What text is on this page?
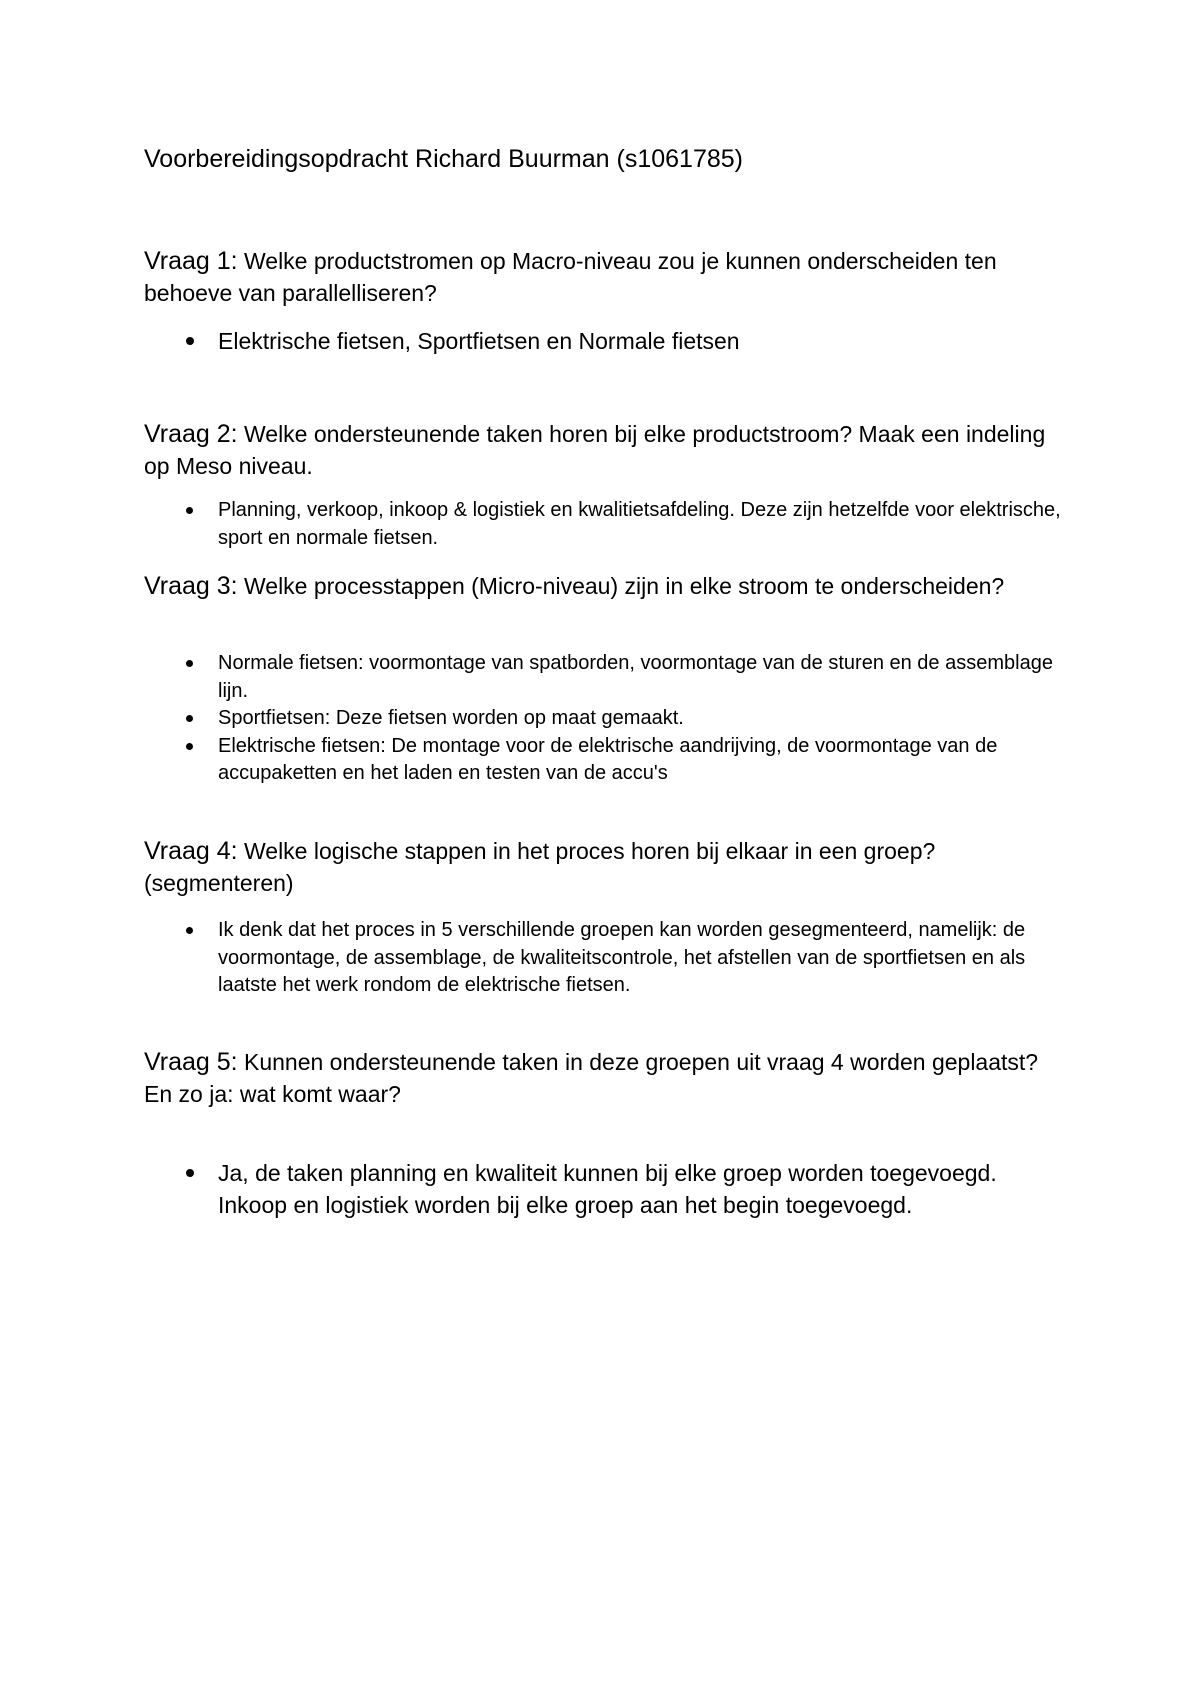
Voorbereidingsopdracht Richard Buurman (s1061785)
Vraag 1: Welke productstromen op Macro-niveau zou je kunnen onderscheiden ten behoeve van parallelliseren?
Elektrische fietsen, Sportfietsen en Normale fietsen
Vraag 2: Welke ondersteunende taken horen bij elke productstroom? Maak een indeling op Meso niveau.
Planning, verkoop, inkoop & logistiek en kwalitietsafdeling. Deze zijn hetzelfde voor elektrische, sport en normale fietsen.
Vraag 3: Welke processtappen (Micro-niveau) zijn in elke stroom te onderscheiden?
Normale fietsen: voormontage van spatborden, voormontage van de sturen en de assemblage lijn.
Sportfietsen: Deze fietsen worden op maat gemaakt.
Elektrische fietsen: De montage voor de elektrische aandrijving, de voormontage van de accupaketten en het laden en testen van de accu's
Vraag 4: Welke logische stappen in het proces horen bij elkaar in een groep? (segmenteren)
Ik denk dat het proces in 5 verschillende groepen kan worden gesegmenteerd, namelijk: de voormontage, de assemblage, de kwaliteitscontrole, het afstellen van de sportfietsen en als laatste het werk rondom de elektrische fietsen.
Vraag 5: Kunnen ondersteunende taken in deze groepen uit vraag 4 worden geplaatst? En zo ja: wat komt waar?
Ja, de taken planning en kwaliteit kunnen bij elke groep worden toegevoegd. Inkoop en logistiek worden bij elke groep aan het begin toegevoegd.
